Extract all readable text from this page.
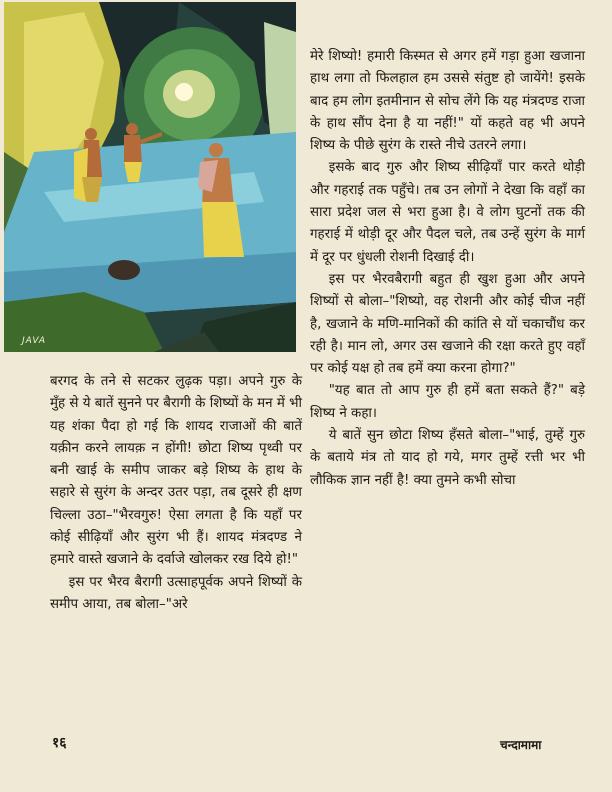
JAVA

मेरे शिष्यो! हमारी किस्मत से अगर हमें गड़ा हुआ खजाना हाथ लगा तो फिलहाल हम उससे संतुष्ट हो जायेंगे! इसके बाद हम लोग इतमीनान से सोच लेंगे कि यह मंत्रदण्ड राजा के हाथ सौंप देना है या नहीं!" यों कहते वह भी अपने शिष्य के पीछे सुरंग के रास्ते नीचे उतरने लगा।

इसके बाद गुरु और शिष्य सीढ़ियाँ पार करते थोड़ी और गहराई तक पहुँचे। तब उन लोगों ने देखा कि वहाँ का सारा प्रदेश जल से भरा हुआ है। वे लोग घुटनों तक की गहराई में थोड़ी दूर और पैदल चले, तब उन्हें सुरंग के मार्ग में दूर पर धुंधली रोशनी दिखाई दी।

इस पर भैरवबैरागी बहुत ही खुश हुआ और अपने शिष्यों से बोला–"शिष्यो, वह रोशनी और कोई चीज नहीं है, खजाने के मणि-मानिकों की कांति से यों चकाचौंध कर रही है। मान लो, अगर उस खजाने की रक्षा करते हुए वहाँ पर कोई यक्ष हो तब हमें क्या करना होगा?"

"यह बात तो आप गुरु ही हमें बता सकते हैं?" बड़े शिष्य ने कहा।

ये बातें सुन छोटा शिष्य हँसते बोला–"भाई, तुम्हें गुरु के बताये मंत्र तो याद हो गये, मगर तुम्हें रत्ती भर भी लौकिक ज्ञान नहीं है! क्या तुमने कभी सोचा

बरगद के तने से सटकर लुढ़क पड़ा। अपने गुरु के मुँह से ये बातें सुनने पर बैरागी के शिष्यों के मन में भी यह शंका पैदा हो गई कि शायद राजाओं की बातें यक़ीन करने लायक़ न होंगी! छोटा शिष्य पृथ्वी पर बनी खाई के समीप जाकर बड़े शिष्य के हाथ के सहारे से सुरंग के अन्दर उतर पड़ा, तब दूसरे ही क्षण चिल्ला उठा–"भैरवगुरु! ऐसा लगता है कि यहाँ पर कोई सीढ़ियाँ और सुरंग भी हैं। शायद मंत्रदण्ड ने हमारे वास्ते खजाने के दर्वाजे खोलकर रख दिये हो!"

इस पर भैरव बैरागी उत्साहपूर्वक अपने शिष्यों के समीप आया, तब बोला–"अरे

१६	चन्दामामा
